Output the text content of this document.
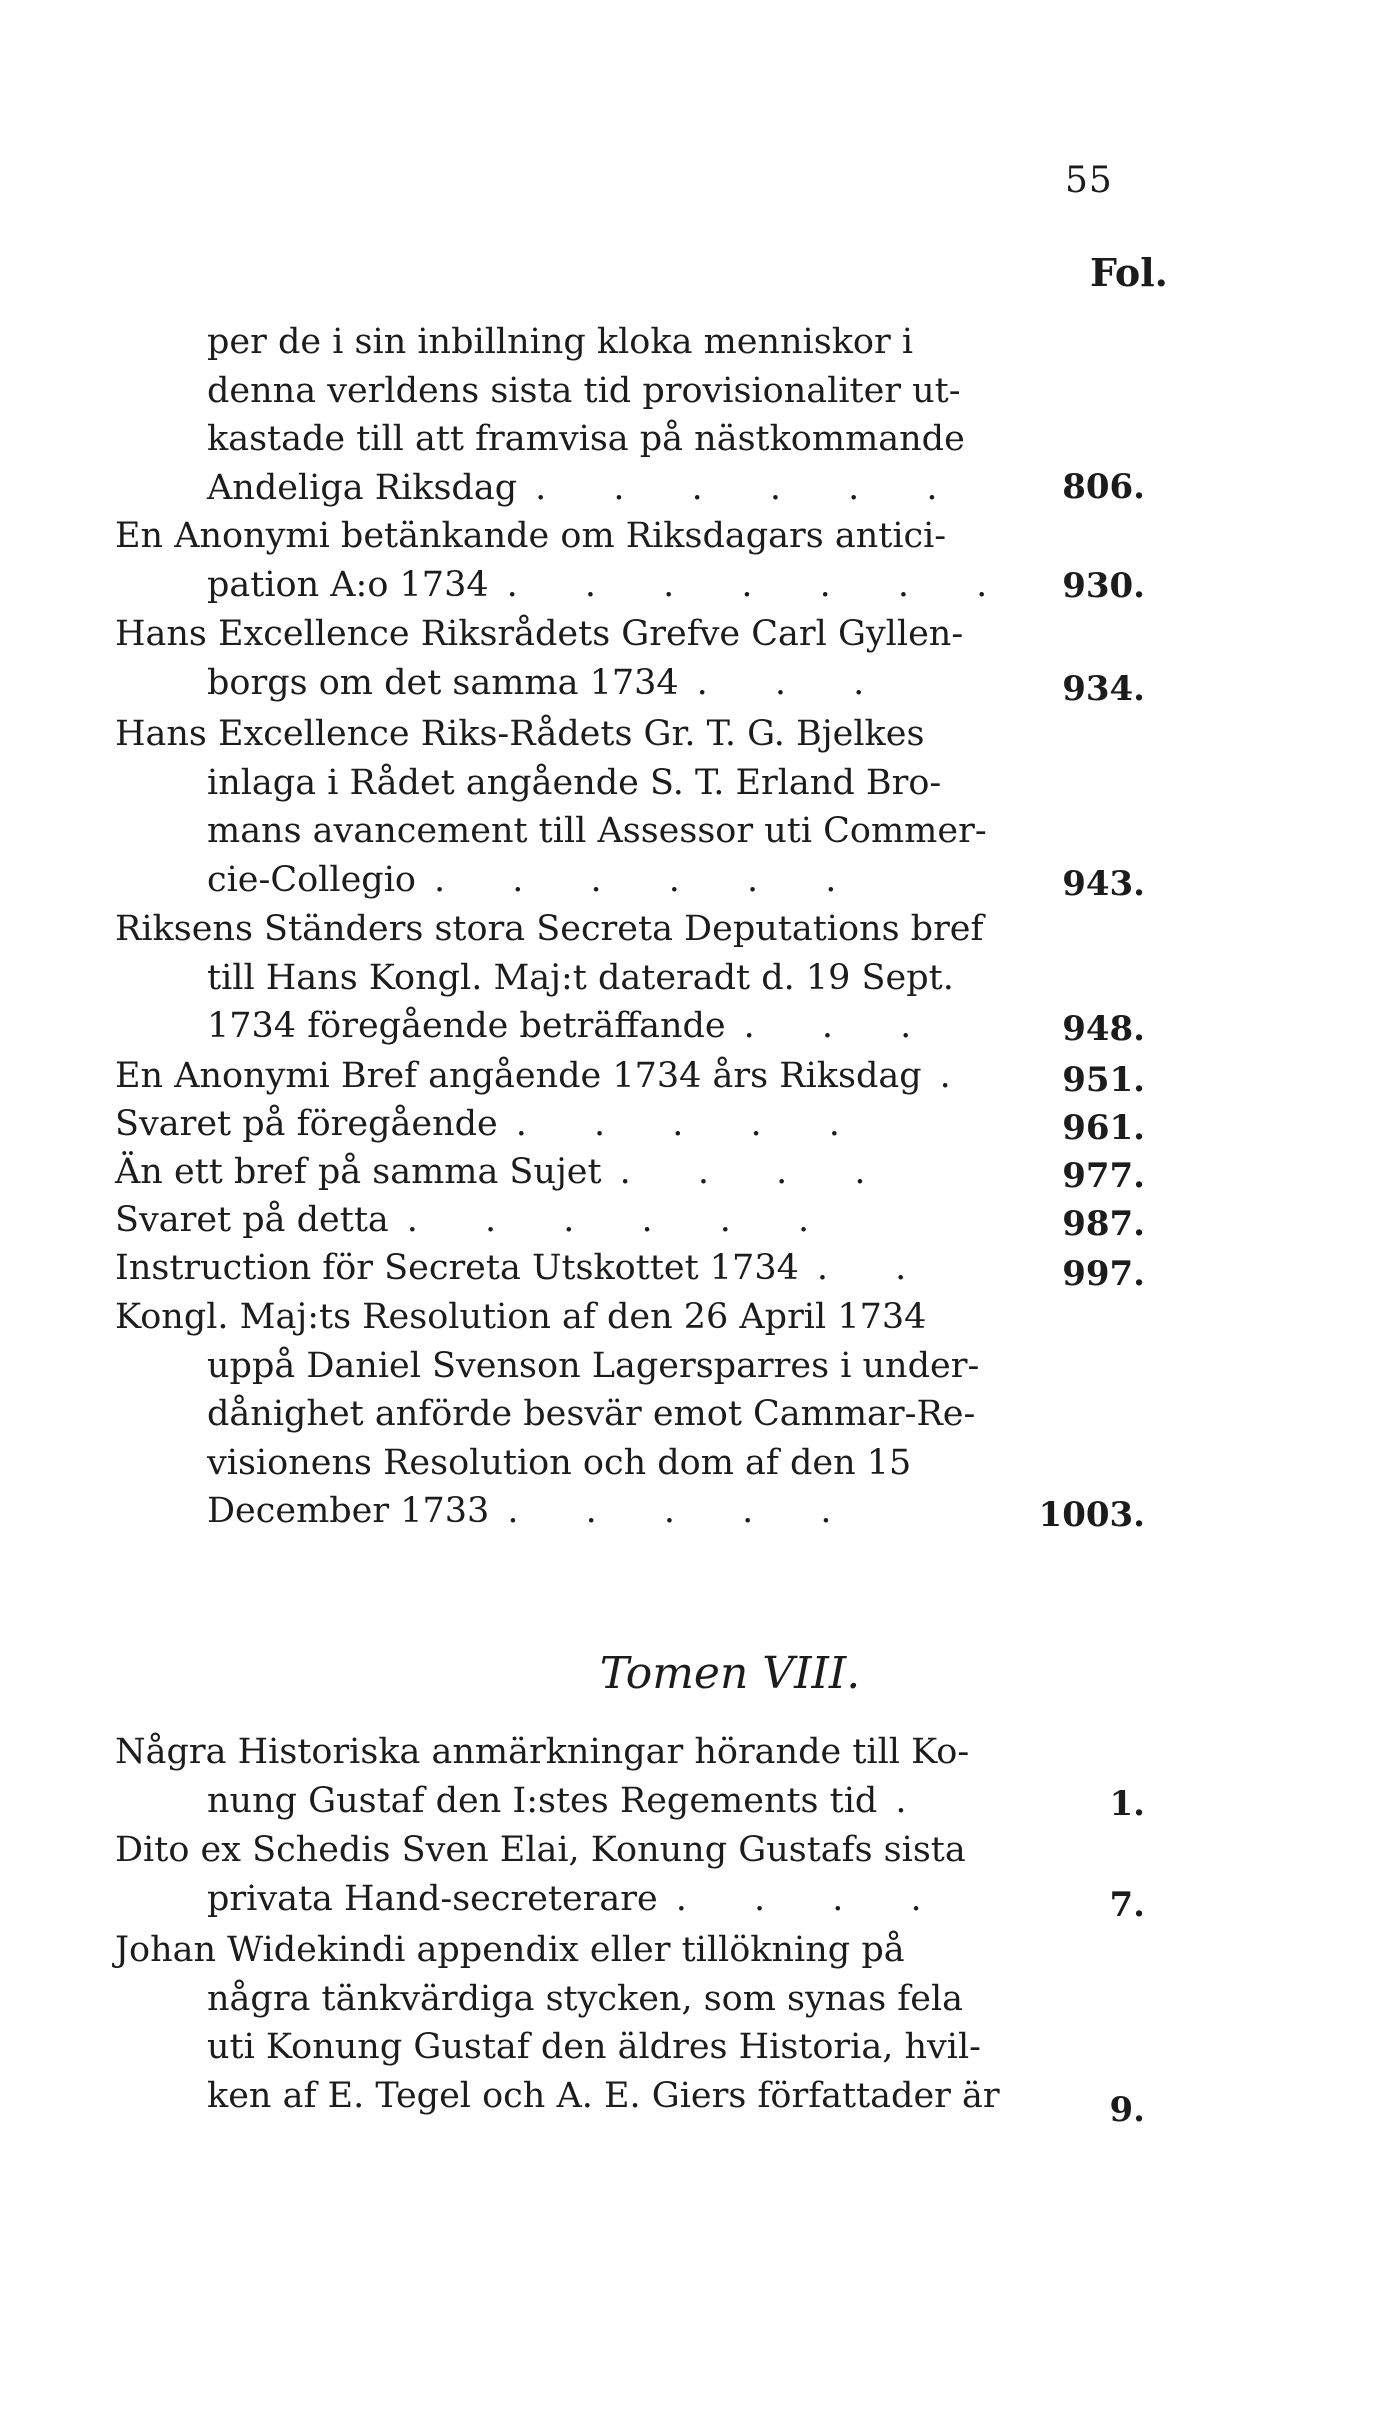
55
Fol.
per de i sin inbillning kloka menniskor i
denna verldens sista tid provisionaliter ut-
kastade till att framvisa på nästkommande
Andeliga Riksdag . . . . . .	806.
En Anonymi betänkande om Riksdagars antici-
pation A:o 1734 . . . . . . .	930.
Hans Excellence Riksrådets Grefve Carl Gyllen-
borgs om det samma 1734 . . .	934.
Hans Excellence Riks-Rådets Gr. T. G. Bjelkes
inlaga i Rådet angående S. T. Erland Bro-
mans avancement till Assessor uti Commer-
cie-Collegio . . . . . .	943.
Riksens Ständers stora Secreta Deputations bref
till Hans Kongl. Maj:t dateradt d. 19 Sept.
1734 föregående beträffande . . .	948.
En Anonymi Bref angående 1734 års Riksdag .	951.
Svaret på föregående . . . . .	961.
Än ett bref på samma Sujet . . . .	977.
Svaret på detta . . . . . .	987.
Instruction för Secreta Utskottet 1734 . .	997.
Kongl. Maj:ts Resolution af den 26 April 1734
uppå Daniel Svenson Lagersparres i under-
dånighet anförde besvär emot Cammar-Re-
visionens Resolution och dom af den 15
December 1733 . . . . .	1003.
Tomen VIII.
Några Historiska anmärkningar hörande till Ko-
nung Gustaf den I:stes Regements tid .	1.
Dito ex Schedis Sven Elai, Konung Gustafs sista
privata Hand-secreterare . . . .	7.
Johan Widekindi appendix eller tillökning på
några tänkvärdiga stycken, som synas fela
uti Konung Gustaf den äldres Historia, hvil-
ken af E. Tegel och A. E. Giers författader är	9.
